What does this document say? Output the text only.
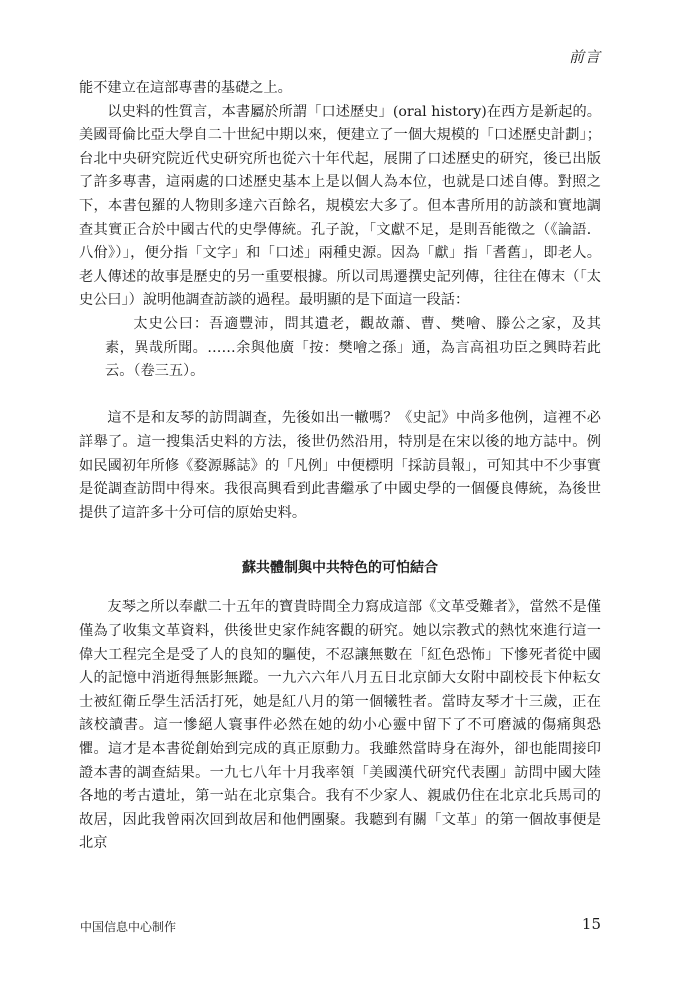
前言

能不建立在這部專書的基礎之上。

以史料的性質言，本書屬於所謂「口述歷史」(oral history)在西方是新起的。美國哥倫比亞大學自二十世紀中期以來，便建立了一個大規模的「口述歷史計劃」；台北中央研究院近代史研究所也從六十年代起，展開了口述歷史的研究，後已出版了許多專書，這兩處的口述歷史基本上是以個人為本位，也就是口述自傳。對照之下，本書包羅的人物則多達六百餘名，規模宏大多了。但本書所用的訪談和實地調查其實正合於中國古代的史學傳統。孔子說，「文獻不足，是則吾能徵之（《論語．八佾》）」，便分指「文字」和「口述」兩種史源。因為「獻」指「耆舊」，即老人。老人傳述的故事是歷史的另一重要根據。所以司馬遷撰史記列傳，往往在傳末（「太史公曰」）說明他調查訪談的過程。最明顯的是下面這一段話：

太史公曰：吾適豐沛，問其遺老，觀故蕭、曹、樊噲、滕公之家，及其素，異哉所聞。……余與他廣「按：樊噲之孫」通，為言高祖功臣之興時若此云。（卷三五）。

這不是和友琴的訪問調查，先後如出一轍嗎？《史記》中尚多他例，這裡不必詳舉了。這一搜集活史料的方法，後世仍然沿用，特別是在宋以後的地方誌中。例如民國初年所修《婺源縣誌》的「凡例」中便標明「採訪員報」，可知其中不少事實是從調查訪問中得來。我很高興看到此書繼承了中國史學的一個優良傳統，為後世提供了這許多十分可信的原始史料。

蘇共體制與中共特色的可怕結合

友琴之所以奉獻二十五年的寶貴時間全力寫成這部《文革受難者》，當然不是僅僅為了收集文革資料，供後世史家作純客觀的研究。她以宗教式的熱忱來進行這一偉大工程完全是受了人的良知的驅使，不忍讓無數在「紅色恐怖」下慘死者從中國人的記憶中消逝得無影無蹤。一九六六年八月五日北京師大女附中副校長卞仲耘女士被紅衛丘學生活活打死，她是紅八月的第一個犧牲者。當時友琴才十三歲，正在該校讀書。這一慘絕人寰事件必然在她的幼小心靈中留下了不可磨滅的傷痛與恐懼。這才是本書從創始到完成的真正原動力。我雖然當時身在海外，卻也能間接印證本書的調查結果。一九七八年十月我率領「美國漢代研究代表團」訪問中國大陸各地的考古遺址，第一站在北京集合。我有不少家人、親戚仍住在北京北兵馬司的故居，因此我曾兩次回到故居和他們團聚。我聽到有關「文革」的第一個故事便是北京

中国信息中心制作	15
